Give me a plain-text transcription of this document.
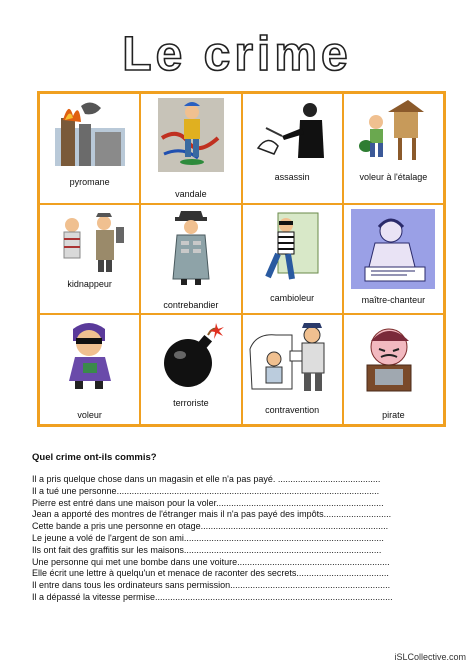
Le crime
pyromane
vandale
assassin	voleur à l'étalage
kidnappeur
contrebandier
cambioleur	maître-chanteur
voleur
terroriste
contravention	pirate
Quel crime ont-ils commis?
Il a pris quelque chose dans un magasin et elle n'a pas payé. .........................................
Il a tué une personne.........................................................................................................
Pierre est entré dans une maison pour la voler...................................................................
Jean a apporté des montres de l'étranger mais il n'a pas payé des impôts...........................
Cette bande a pris une personne en otage...........................................................................
Le jeune a volé de l'argent de son ami................................................................................
Ils ont fait des graffitis sur les maisons...............................................................................
Une personne qui met une bombe dans une voiture.............................................................
Elle écrit une lettre à quelqu'un et menace de raconter des secrets.....................................
Il entre dans tous les ordinateurs sans permission................................................................
Il a dépassé la vitesse permise...............................................................................................
iSLCollective.com
